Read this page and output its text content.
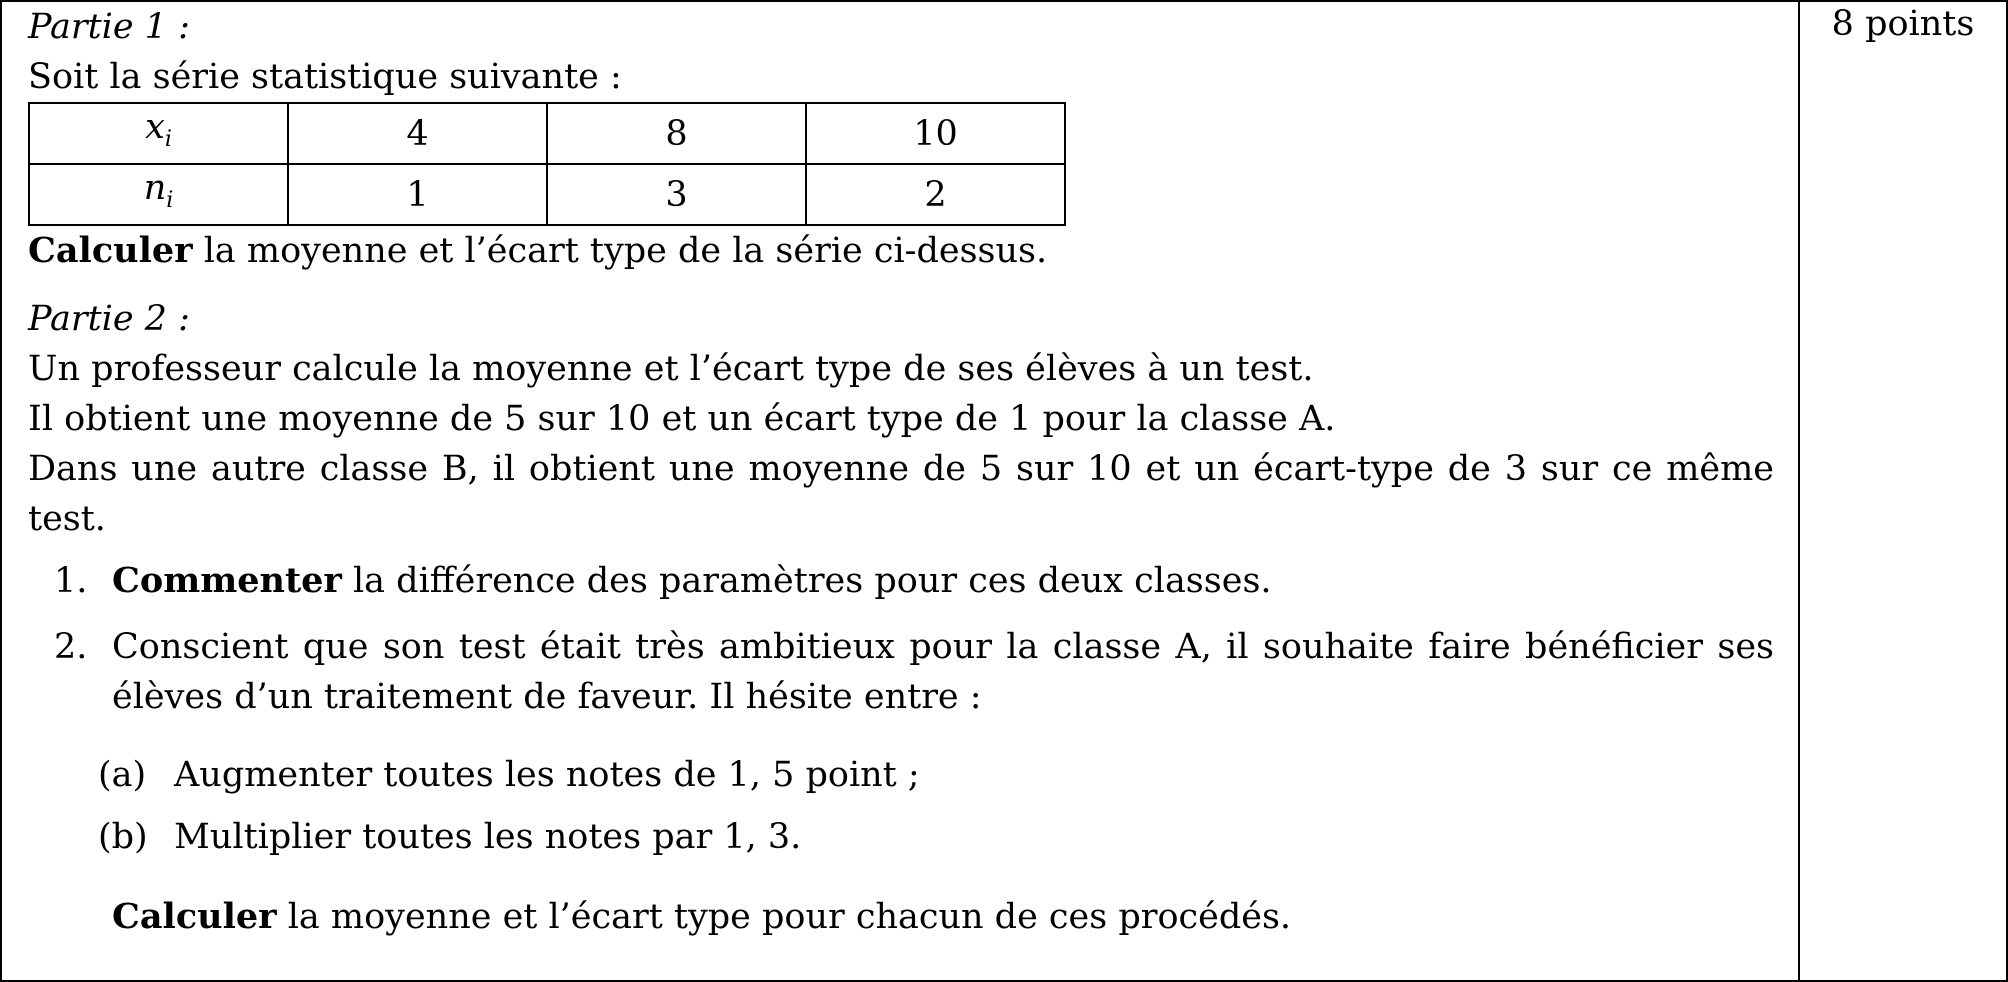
8 points
Partie 1 :
Soit la série statistique suivante :
$x_i$	4	8	10
$n_i$	1	3	2
Calculer la moyenne et l’écart type de la série ci-dessus.
Partie 2 :
Un professeur calcule la moyenne et l’écart type de ses élèves à un test.
Il obtient une moyenne de 5 sur 10 et un écart type de 1 pour la classe A.
Dans une autre classe B, il obtient une moyenne de 5 sur 10 et un écart-type de 3 sur ce même test.
1. Commenter la différence des paramètres pour ces deux classes.
2. Conscient que son test était très ambitieux pour la classe A, il souhaite faire bénéficier ses élèves d’un traitement de faveur. Il hésite entre :
(a) Augmenter toutes les notes de 1, 5 point ;
(b) Multiplier toutes les notes par 1, 3.
Calculer la moyenne et l’écart type pour chacun de ces procédés.
